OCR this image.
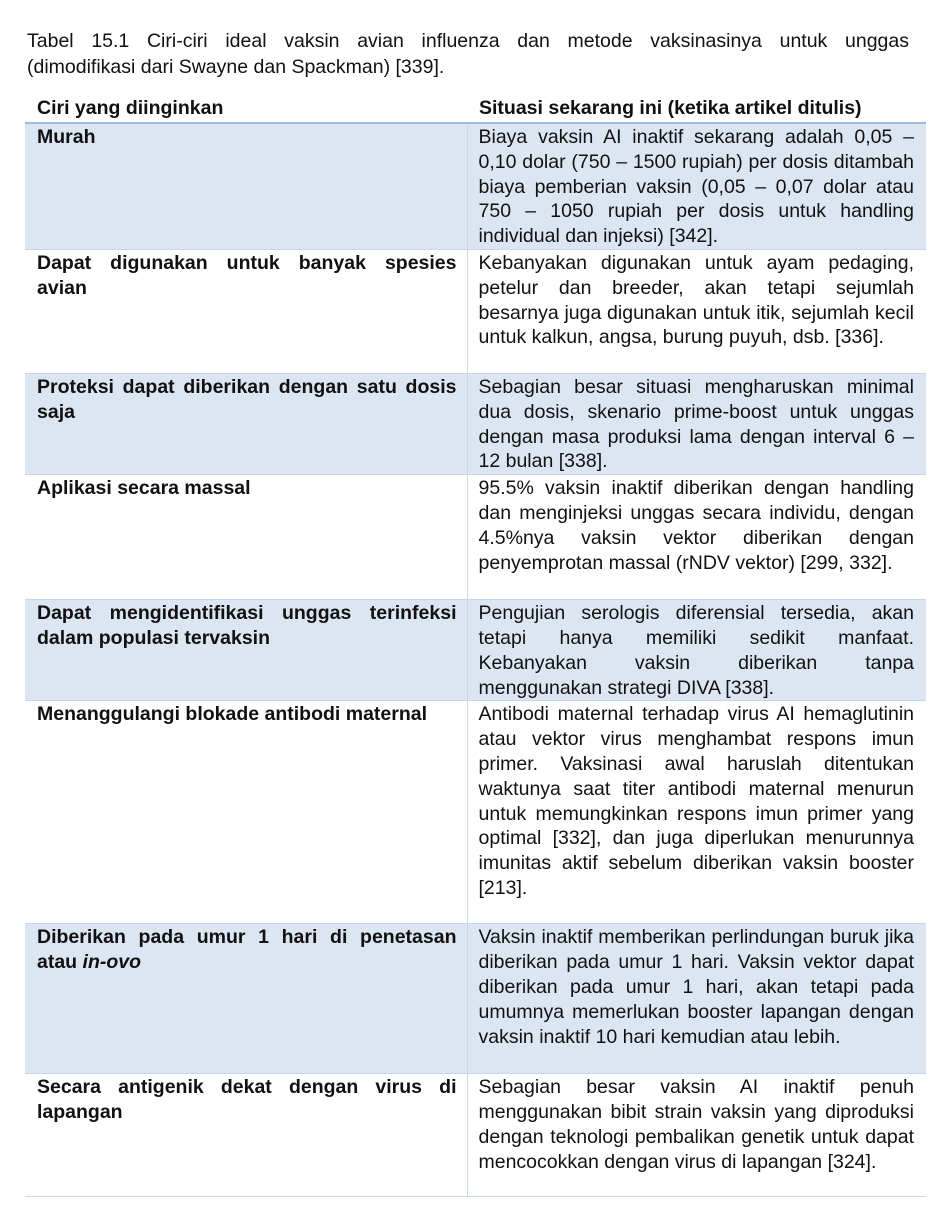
Tabel 15.1 Ciri-ciri ideal vaksin avian influenza dan metode vaksinasinya untuk unggas
(dimodifikasi dari Swayne dan Spackman) [339].
Ciri yang diinginkan	Situasi sekarang ini (ketika artikel ditulis)
Murah	Biaya vaksin AI inaktif sekarang adalah 0,05 – 0,10 dolar (750 – 1500 rupiah) per dosis ditambah biaya pemberian vaksin (0,05 – 0,07 dolar atau 750 – 1050 rupiah per dosis untuk handling individual dan injeksi) [342].
Dapat digunakan untuk banyak spesies avian	Kebanyakan digunakan untuk ayam pedaging, petelur dan breeder, akan tetapi sejumlah besarnya juga digunakan untuk itik, sejumlah kecil untuk kalkun, angsa, burung puyuh, dsb. [336].
Proteksi dapat diberikan dengan satu dosis saja	Sebagian besar situasi mengharuskan minimal dua dosis, skenario prime-boost untuk unggas dengan masa produksi lama dengan interval 6 – 12 bulan [338].
Aplikasi secara massal	95.5% vaksin inaktif diberikan dengan handling dan menginjeksi unggas secara individu, dengan 4.5%nya vaksin vektor diberikan dengan penyemprotan massal (rNDV vektor) [299, 332].
Dapat mengidentifikasi unggas terinfeksi dalam populasi tervaksin	Pengujian serologis diferensial tersedia, akan tetapi hanya memiliki sedikit manfaat. Kebanyakan vaksin diberikan tanpa menggunakan strategi DIVA [338].
Menanggulangi blokade antibodi maternal	Antibodi maternal terhadap virus AI hemaglutinin atau vektor virus menghambat respons imun primer. Vaksinasi awal haruslah ditentukan waktunya saat titer antibodi maternal menurun untuk memungkinkan respons imun primer yang optimal [332], dan juga diperlukan menurunnya imunitas aktif sebelum diberikan vaksin booster [213].
Diberikan pada umur 1 hari di penetasan atau in-ovo	Vaksin inaktif memberikan perlindungan buruk jika diberikan pada umur 1 hari. Vaksin vektor dapat diberikan pada umur 1 hari, akan tetapi pada umumnya memerlukan booster lapangan dengan vaksin inaktif 10 hari kemudian atau lebih.
Secara antigenik dekat dengan virus di lapangan	Sebagian besar vaksin AI inaktif penuh menggunakan bibit strain vaksin yang diproduksi dengan teknologi pembalikan genetik untuk dapat mencocokkan dengan virus di lapangan [324].
